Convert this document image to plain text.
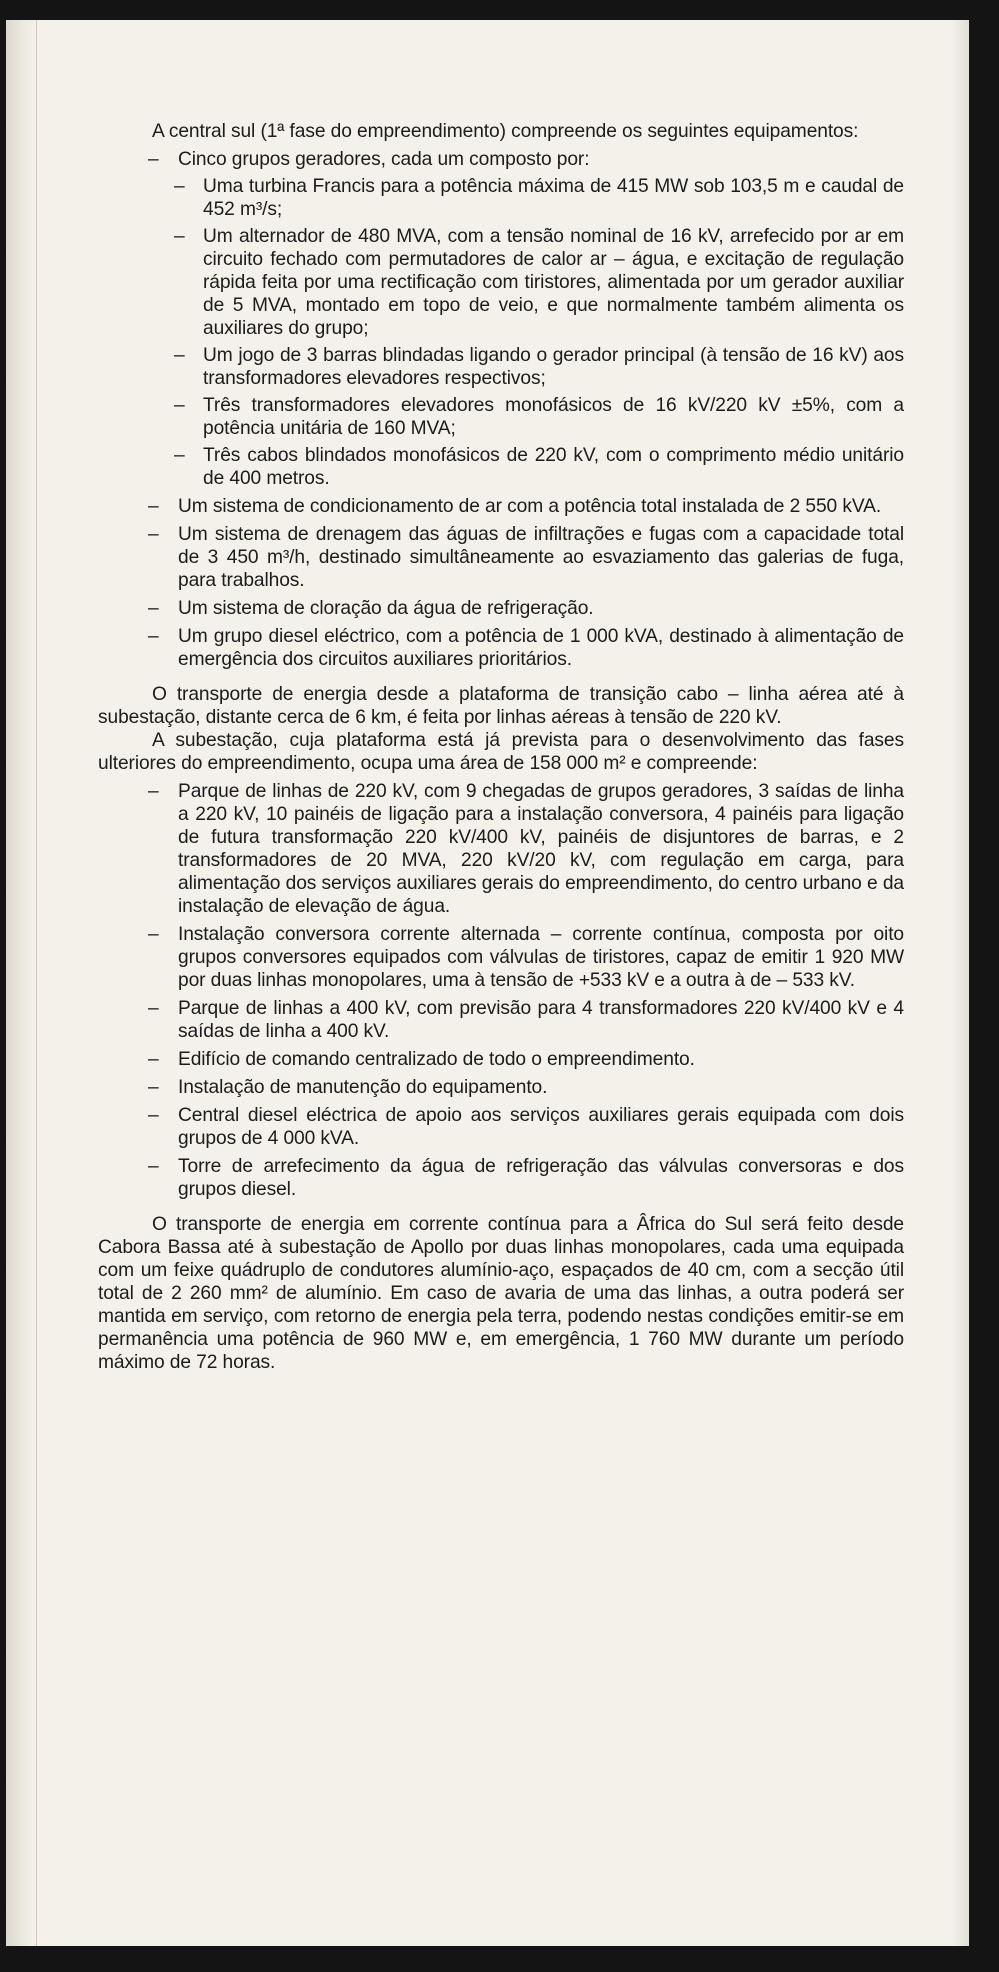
A central sul (1ª fase do empreendimento) compreende os seguintes equipamentos:

– Cinco grupos geradores, cada um composto por:
– Uma turbina Francis para a potência máxima de 415 MW sob 103,5 m e caudal de 452 m³/s;
– Um alternador de 480 MVA, com a tensão nominal de 16 kV, arrefecido por ar em circuito fechado com permutadores de calor ar – água, e excitação de regulação rápida feita por uma rectificação com tiristores, alimentada por um gerador auxiliar de 5 MVA, montado em topo de veio, e que normalmente também alimenta os auxiliares do grupo;
– Um jogo de 3 barras blindadas ligando o gerador principal (à tensão de 16 kV) aos transformadores elevadores respectivos;
– Três transformadores elevadores monofásicos de 16 kV/220 kV ±5%, com a potência unitária de 160 MVA;
– Três cabos blindados monofásicos de 220 kV, com o comprimento médio unitário de 400 metros.
– Um sistema de condicionamento de ar com a potência total instalada de 2 550 kVA.
– Um sistema de drenagem das águas de infiltrações e fugas com a capacidade total de 3 450 m³/h, destinado simultâneamente ao esvaziamento das galerias de fuga, para trabalhos.
– Um sistema de cloração da água de refrigeração.
– Um grupo diesel eléctrico, com a potência de 1 000 kVA, destinado à alimentação de emergência dos circuitos auxiliares prioritários.

O transporte de energia desde a plataforma de transição cabo – linha aérea até à subestação, distante cerca de 6 km, é feita por linhas aéreas à tensão de 220 kV.

A subestação, cuja plataforma está já prevista para o desenvolvimento das fases ulteriores do empreendimento, ocupa uma área de 158 000 m² e compreende:

– Parque de linhas de 220 kV, com 9 chegadas de grupos geradores, 3 saídas de linha a 220 kV, 10 painéis de ligação para a instalação conversora, 4 painéis para ligação de futura transformação 220 kV/400 kV, painéis de disjuntores de barras, e 2 transformadores de 20 MVA, 220 kV/20 kV, com regulação em carga, para alimentação dos serviços auxiliares gerais do empreendimento, do centro urbano e da instalação de elevação de água.
– Instalação conversora corrente alternada – corrente contínua, composta por oito grupos conversores equipados com válvulas de tiristores, capaz de emitir 1 920 MW por duas linhas monopolares, uma à tensão de +533 kV e a outra à de – 533 kV.
– Parque de linhas a 400 kV, com previsão para 4 transformadores 220 kV/400 kV e 4 saídas de linha a 400 kV.
– Edifício de comando centralizado de todo o empreendimento.
– Instalação de manutenção do equipamento.
– Central diesel eléctrica de apoio aos serviços auxiliares gerais equipada com dois grupos de 4 000 kVA.
– Torre de arrefecimento da água de refrigeração das válvulas conversoras e dos grupos diesel.

O transporte de energia em corrente contínua para a Âfrica do Sul será feito desde Cabora Bassa até à subestação de Apollo por duas linhas monopolares, cada uma equipada com um feixe quádruplo de condutores alumínio-aço, espaçados de 40 cm, com a secção útil total de 2 260 mm² de alumínio. Em caso de avaria de uma das linhas, a outra poderá ser mantida em serviço, com retorno de energia pela terra, podendo nestas condições emitir-se em permanência uma potência de 960 MW e, em emergência, 1 760 MW durante um período máximo de 72 horas.
